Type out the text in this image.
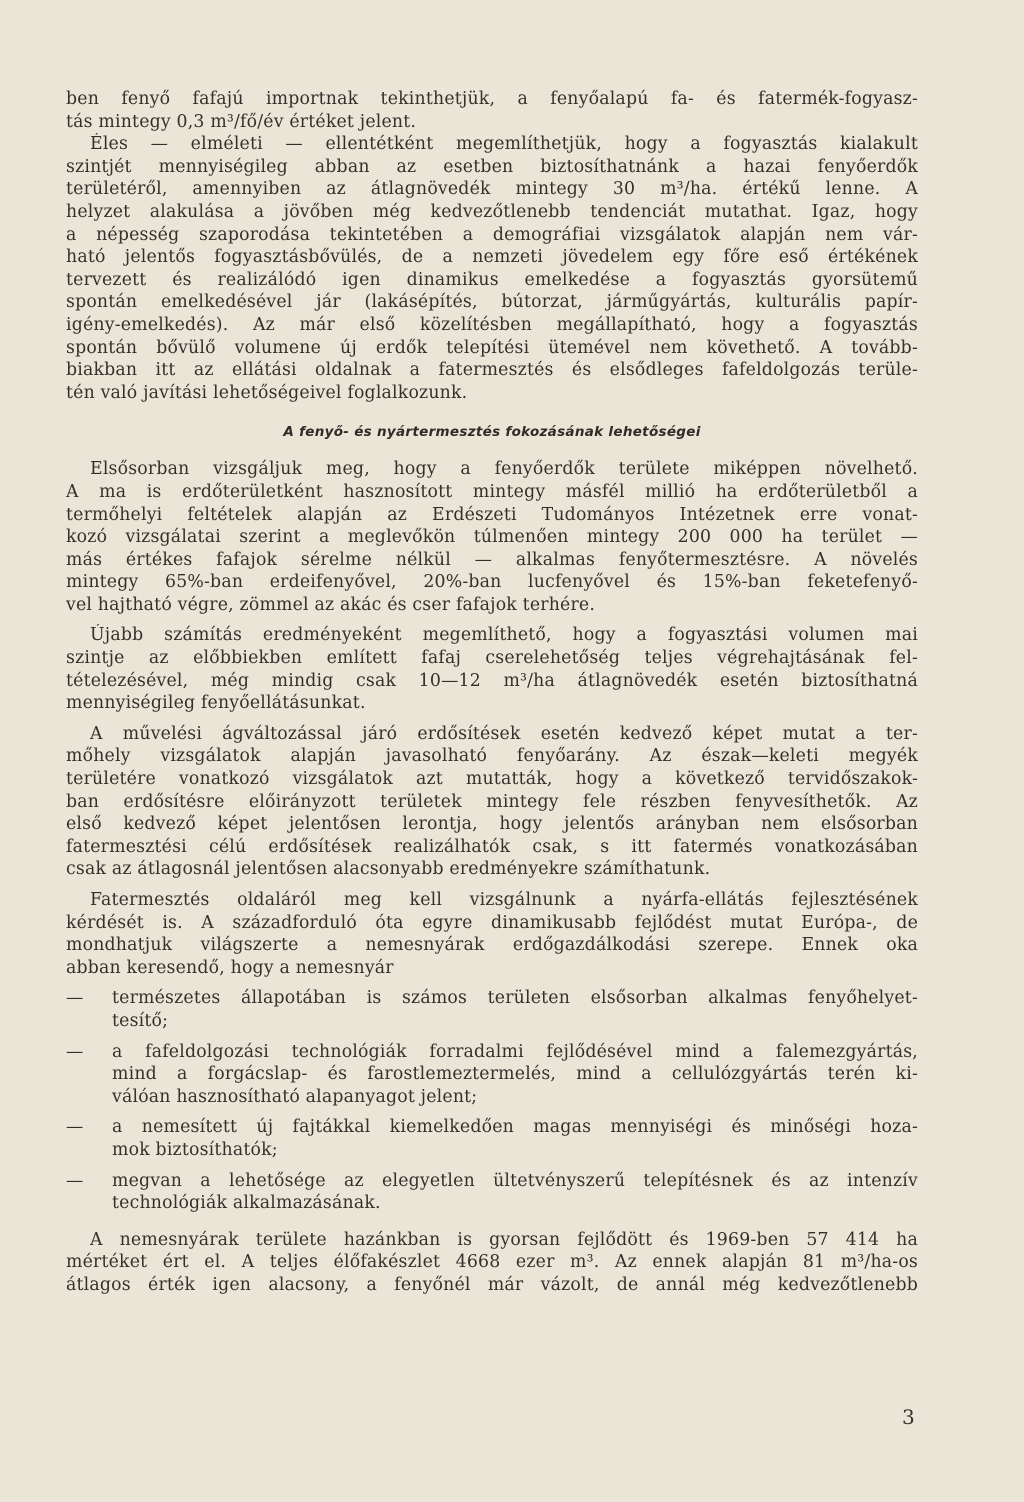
ben fenyő fafajú importnak tekinthetjük, a fenyőalapú fa- és fatermék-fogyasz-
tás mintegy 0,3 m³/fő/év értéket jelent.
Éles — elméleti — ellentétként megemlíthetjük, hogy a fogyasztás kialakult
szintjét mennyiségileg abban az esetben biztosíthatnánk a hazai fenyőerdők
területéről, amennyiben az átlagnövedék mintegy 30 m³/ha. értékű lenne. A
helyzet alakulása a jövőben még kedvezőtlenebb tendenciát mutathat. Igaz, hogy
a népesség szaporodása tekintetében a demográfiai vizsgálatok alapján nem vár-
ható jelentős fogyasztásbővülés, de a nemzeti jövedelem egy főre eső értékének
tervezett és realizálódó igen dinamikus emelkedése a fogyasztás gyorsütemű
spontán emelkedésével jár (lakásépítés, bútorzat, járműgyártás, kulturális papír-
igény-emelkedés). Az már első közelítésben megállapítható, hogy a fogyasztás
spontán bővülő volumene új erdők telepítési ütemével nem követhető. A tovább-
biakban itt az ellátási oldalnak a fatermesztés és elsődleges fafeldolgozás terüle-
tén való javítási lehetőségeivel foglalkozunk.
A fenyő- és nyártermesztés fokozásának lehetőségei
Elsősorban vizsgáljuk meg, hogy a fenyőerdők területe miképpen növelhető.
A ma is erdőterületként hasznosított mintegy másfél millió ha erdőterületből a
termőhelyi feltételek alapján az Erdészeti Tudományos Intézetnek erre vonat-
kozó vizsgálatai szerint a meglevőkön túlmenően mintegy 200 000 ha terület —
más értékes fafajok sérelme nélkül — alkalmas fenyőtermesztésre. A növelés
mintegy 65%-ban erdeifenyővel, 20%-ban lucfenyővel és 15%-ban feketefenyő-
vel hajtható végre, zömmel az akác és cser fafajok terhére.
Újabb számítás eredményeként megemlíthető, hogy a fogyasztási volumen mai
szintje az előbbiekben említett fafaj cserelehetőség teljes végrehajtásának fel-
tételezésével, még mindig csak 10—12 m³/ha átlagnövedék esetén biztosíthatná
mennyiségileg fenyőellátásunkat.
A művelési ágváltozással járó erdősítések esetén kedvező képet mutat a ter-
mőhely vizsgálatok alapján javasolható fenyőarány. Az észak—keleti megyék
területére vonatkozó vizsgálatok azt mutatták, hogy a következő tervidőszakok-
ban erdősítésre előirányzott területek mintegy fele részben fenyvesíthetők. Az
első kedvező képet jelentősen lerontja, hogy jelentős arányban nem elsősorban
fatermesztési célú erdősítések realizálhatók csak, s itt fatermés vonatkozásában
csak az átlagosnál jelentősen alacsonyabb eredményekre számíthatunk.
Fatermesztés oldaláról meg kell vizsgálnunk a nyárfa-ellátás fejlesztésének
kérdését is. A századforduló óta egyre dinamikusabb fejlődést mutat Európa-, de
mondhatjuk világszerte a nemesnyárak erdőgazdálkodási szerepe. Ennek oka
abban keresendő, hogy a nemesnyár
—	természetes állapotában is számos területen elsősorban alkalmas fenyőhelyet-
tesítő;
—	a fafeldolgozási technológiák forradalmi fejlődésével mind a falemezgyártás,
mind a forgácslap- és farostlemeztermelés, mind a cellulózgyártás terén ki-
válóan hasznosítható alapanyagot jelent;
—	a nemesített új fajtákkal kiemelkedően magas mennyiségi és minőségi hoza-
mok biztosíthatók;
—	megvan a lehetősége az elegyetlen ültetvényszerű telepítésnek és az intenzív
technológiák alkalmazásának.
A nemesnyárak területe hazánkban is gyorsan fejlődött és 1969-ben 57 414 ha
mértéket ért el. A teljes élőfakészlet 4668 ezer m³. Az ennek alapján 81 m³/ha-os
átlagos érték igen alacsony, a fenyőnél már vázolt, de annál még kedvezőtlenebb
3
